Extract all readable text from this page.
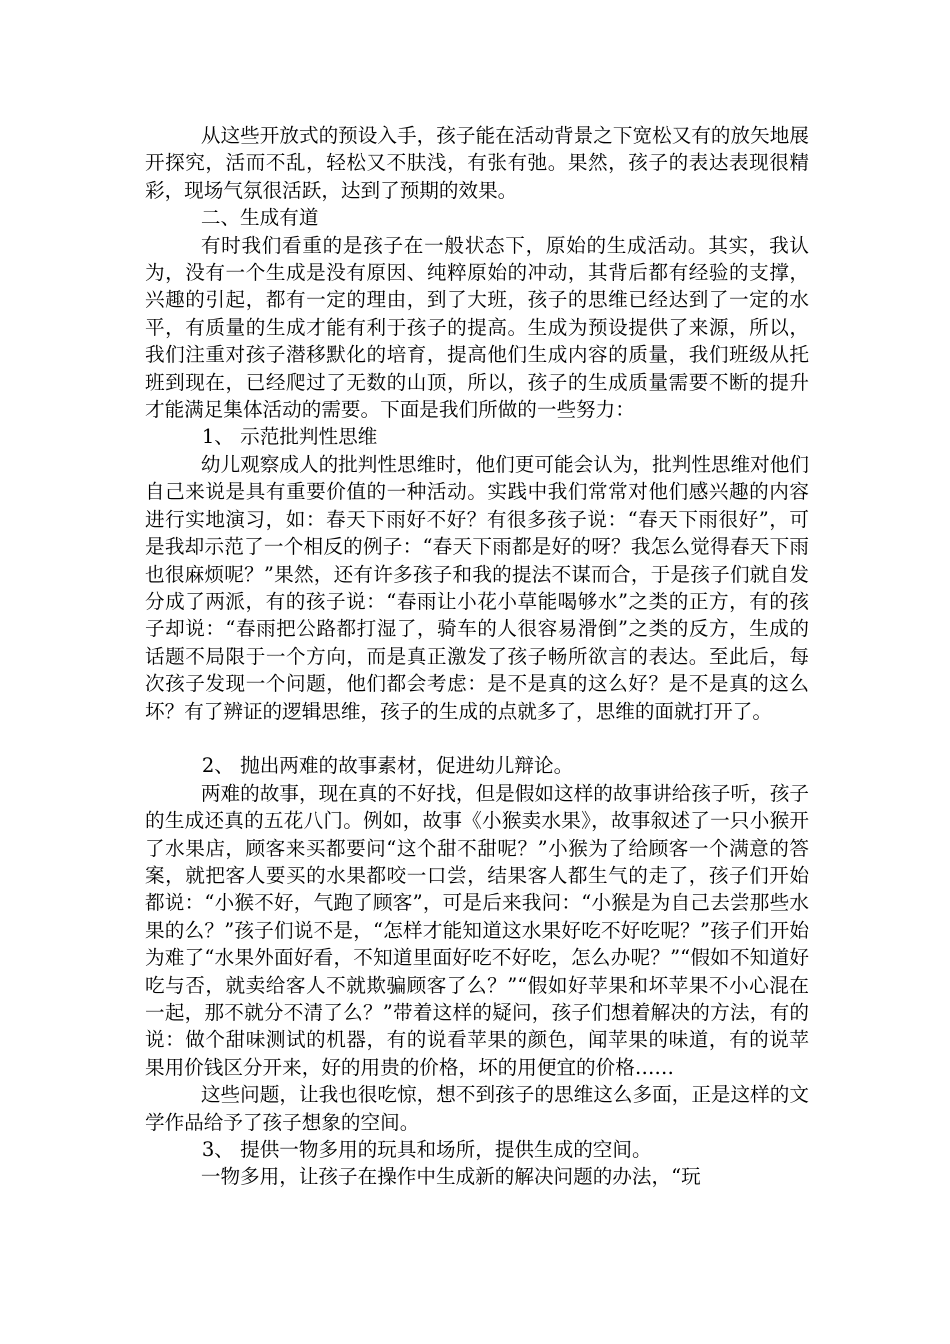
从这些开放式的预设入手，孩子能在活动背景之下宽松又有的放矢地展开探究，活而不乱，轻松又不肤浅，有张有弛。果然，孩子的表达表现很精彩，现场气氛很活跃，达到了预期的效果。

二、生成有道

有时我们看重的是孩子在一般状态下，原始的生成活动。其实，我认为，没有一个生成是没有原因、纯粹原始的冲动，其背后都有经验的支撑，兴趣的引起，都有一定的理由，到了大班，孩子的思维已经达到了一定的水平，有质量的生成才能有利于孩子的提高。生成为预设提供了来源，所以，我们注重对孩子潜移默化的培育，提高他们生成内容的质量，我们班级从托班到现在，已经爬过了无数的山顶，所以，孩子的生成质量需要不断的提升才能满足集体活动的需要。下面是我们所做的一些努力：

1、 示范批判性思维

幼儿观察成人的批判性思维时，他们更可能会认为，批判性思维对他们自己来说是具有重要价值的一种活动。实践中我们常常对他们感兴趣的内容进行实地演习，如：春天下雨好不好？有很多孩子说：“春天下雨很好”，可是我却示范了一个相反的例子：“春天下雨都是好的呀？我怎么觉得春天下雨也很麻烦呢？”果然，还有许多孩子和我的提法不谋而合，于是孩子们就自发分成了两派，有的孩子说：“春雨让小花小草能喝够水”之类的正方，有的孩子却说：“春雨把公路都打湿了，骑车的人很容易滑倒”之类的反方，生成的话题不局限于一个方向，而是真正激发了孩子畅所欲言的表达。至此后，每次孩子发现一个问题，他们都会考虑：是不是真的这么好？是不是真的这么坏？有了辨证的逻辑思维，孩子的生成的点就多了，思维的面就打开了。

2、 抛出两难的故事素材，促进幼儿辩论。

两难的故事，现在真的不好找，但是假如这样的故事讲给孩子听，孩子的生成还真的五花八门。例如，故事《小猴卖水果》，故事叙述了一只小猴开了水果店，顾客来买都要问“这个甜不甜呢？”小猴为了给顾客一个满意的答案，就把客人要买的水果都咬一口尝，结果客人都生气的走了，孩子们开始都说：“小猴不好，气跑了顾客”，可是后来我问：“小猴是为自己去尝那些水果的么？”孩子们说不是，“怎样才能知道这水果好吃不好吃呢？”孩子们开始为难了“水果外面好看，不知道里面好吃不好吃，怎么办呢？”“假如不知道好吃与否，就卖给客人不就欺骗顾客了么？”“假如好苹果和坏苹果不小心混在一起，那不就分不清了么？”带着这样的疑问，孩子们想着解决的方法，有的说：做个甜味测试的机器，有的说看苹果的颜色，闻苹果的味道，有的说苹果用价钱区分开来，好的用贵的价格，坏的用便宜的价格……

这些问题，让我也很吃惊，想不到孩子的思维这么多面，正是这样的文学作品给予了孩子想象的空间。

3、 提供一物多用的玩具和场所，提供生成的空间。

一物多用，让孩子在操作中生成新的解决问题的办法，“玩
